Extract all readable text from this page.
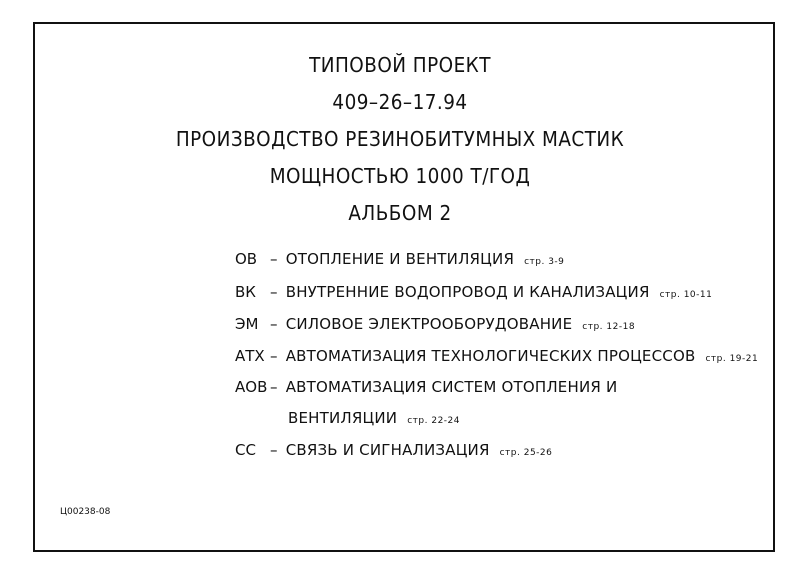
ТИПОВОЙ ПРОЕКТ
409–26–17.94
ПРОИЗВОДСТВО РЕЗИНОБИТУМНЫХ МАСТИК
МОЩНОСТЬЮ 1000 Т/ГОД
АЛЬБОМ 2
ОВ – ОТОПЛЕНИЕ И ВЕНТИЛЯЦИЯ стр. 3-9
ВК – ВНУТРЕННИЕ ВОДОПРОВОД И КАНАЛИЗАЦИЯ стр. 10-11
ЭМ – СИЛОВОЕ ЭЛЕКТРООБОРУДОВАНИЕ стр. 12-18
АТХ – АВТОМАТИЗАЦИЯ ТЕХНОЛОГИЧЕСКИХ ПРОЦЕССОВ стр. 19-21
АОВ – АВТОМАТИЗАЦИЯ СИСТЕМ ОТОПЛЕНИЯ И
ВЕНТИЛЯЦИИ стр. 22-24
СС – СВЯЗЬ И СИГНАЛИЗАЦИЯ стр. 25-26
Ц00238-08
